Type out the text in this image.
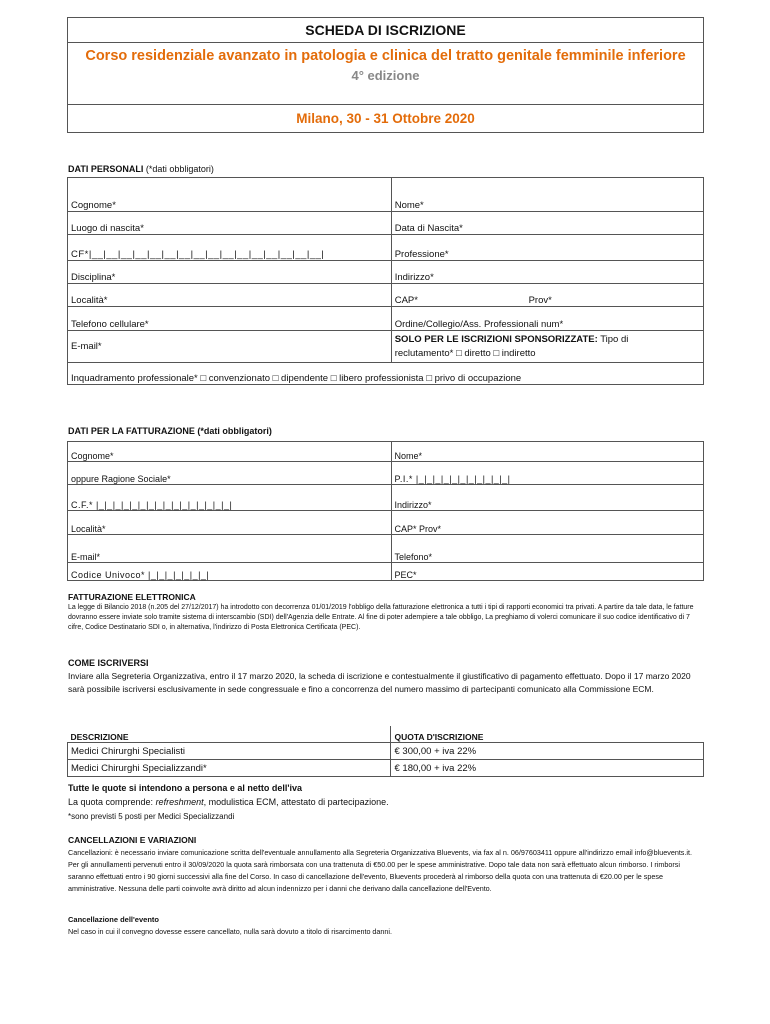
SCHEDA DI ISCRIZIONE
Corso residenziale avanzato in patologia e clinica del tratto genitale femminile inferiore
4° edizione
Milano, 30 - 31 Ottobre 2020
DATI PERSONALI (*dati obbligatori)
Cognome*	Nome*
Luogo di nascita*	Data di Nascita*
CF*|__|__|__|__|__|__|__|__|__|__|__|__|__|__|__|__|	Professione*
Disciplina*	Indirizzo*
Località*	CAP* Prov*
Telefono cellulare*	Ordine/Collegio/Ass. Professionali num*
E-mail*	SOLO PER LE ISCRIZIONI SPONSORIZZATE: Tipo di
reclutamento* □ diretto □ indiretto
Inquadramento professionale* □ convenzionato □ dipendente □ libero professionista □ privo di occupazione	
DATI PER LA FATTURAZIONE (*dati obbligatori)
Cognome*	Nome*
oppure Ragione Sociale*	P.I.* |_|_|_|_|_|_|_|_|_|_|_|
C.F.* |_|_|_|_|_|_|_|_|_|_|_|_|_|_|_|_|	Indirizzo*
Località*	CAP* Prov*
E-mail*	Telefono*
Codice Univoco* |_|_|_|_|_|_|_|	PEC*
FATTURAZIONE ELETTRONICA
La legge di Bilancio 2018 (n.205 del 27/12/2017) ha introdotto con decorrenza 01/01/2019 l'obbligo della fatturazione elettronica a tutti i tipi di rapporti economici tra privati. A partire da tale data, le fatture dovranno essere inviate solo tramite sistema di interscambio (SDI) dell'Agenzia delle Entrate. Al fine di poter adempiere a tale obbligo, La preghiamo di volerci comunicare il suo codice identificativo di 7 cifre, Codice Destinatario SDI o, in alternativa, l'indirizzo di Posta Elettronica Certificata (PEC).
COME ISCRIVERSI
Inviare alla Segreteria Organizzativa, entro il 17 marzo 2020, la scheda di iscrizione e contestualmente il giustificativo di pagamento effettuato. Dopo il 17 marzo 2020 sarà possibile iscriversi esclusivamente in sede congressuale e fino a concorrenza del numero massimo di partecipanti comunicato alla Commissione ECM.
DESCRIZIONE	QUOTA D'ISCRIZIONE
Medici Chirurghi Specialisti	€ 300,00 + iva 22%
Medici Chirurghi Specializzandi*	€ 180,00 + iva 22%
Tutte le quote si intendono a persona e al netto dell'iva
La quota comprende: refreshment, modulistica ECM, attestato di partecipazione.
*sono previsti 5 posti per Medici Specializzandi
CANCELLAZIONI E VARIAZIONI
Cancellazioni: è necessario inviare comunicazione scritta dell'eventuale annullamento alla Segreteria Organizzativa Bluevents, via fax al n. 06/97603411 oppure all'indirizzo email info@bluevents.it. Per gli annullamenti pervenuti entro il 30/09/2020 la quota sarà rimborsata con una trattenuta di €50.00 per le spese amministrative. Dopo tale data non sarà effettuato alcun rimborso. I rimborsi saranno effettuati entro i 90 giorni successivi alla fine del Corso. In caso di cancellazione dell'evento, Bluevents procederà al rimborso della quota con una trattenuta di €20.00 per le spese amministrative. Nessuna delle parti coinvolte avrà diritto ad alcun indennizzo per i danni che derivano dalla cancellazione dell'Evento.
Cancellazione dell'evento
Nel caso in cui il convegno dovesse essere cancellato, nulla sarà dovuto a titolo di risarcimento danni.
